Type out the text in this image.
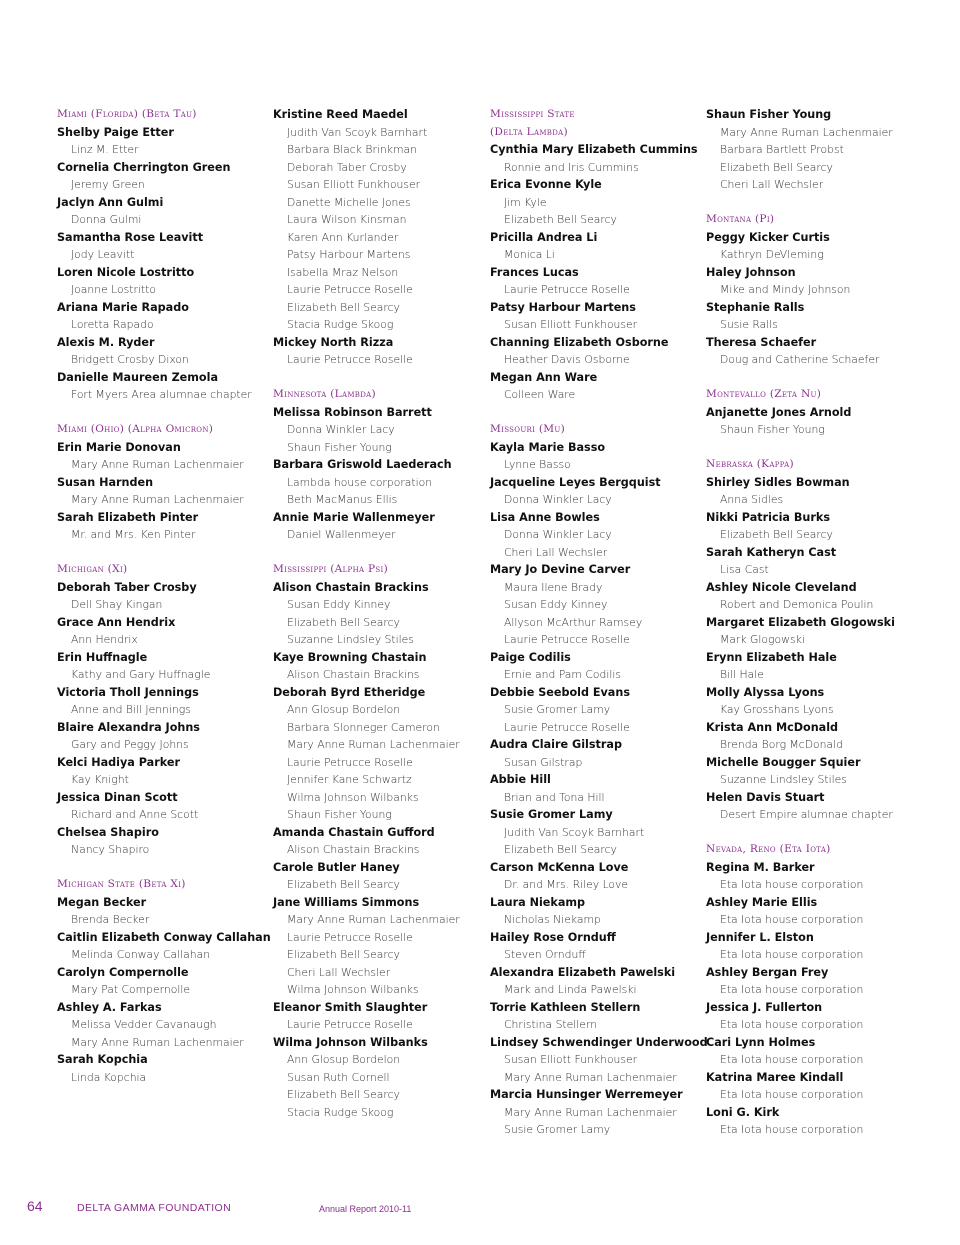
Miami (Florida) (Beta Tau)
Shelby Paige Etter
Linz M. Etter
Cornelia Cherrington Green
Jeremy Green
Jaclyn Ann Gulmi
Donna Gulmi
Samantha Rose Leavitt
Jody Leavitt
Loren Nicole Lostritto
Joanne Lostritto
Ariana Marie Rapado
Loretta Rapado
Alexis M. Ryder
Bridgett Crosby Dixon
Danielle Maureen Zemola
Fort Myers Area alumnae chapter
Miami (Ohio) (Alpha Omicron)
Erin Marie Donovan
Mary Anne Ruman Lachenmaier
Susan Harnden
Mary Anne Ruman Lachenmaier
Sarah Elizabeth Pinter
Mr. and Mrs. Ken Pinter
Michigan (Xi)
Deborah Taber Crosby
Dell Shay Kingan
Grace Ann Hendrix
Ann Hendrix
Erin Huffnagle
Kathy and Gary Huffnagle
Victoria Tholl Jennings
Anne and Bill Jennings
Blaire Alexandra Johns
Gary and Peggy Johns
Kelci Hadiya Parker
Kay Knight
Jessica Dinan Scott
Richard and Anne Scott
Chelsea Shapiro
Nancy Shapiro
Michigan State (Beta Xi)
Megan Becker
Brenda Becker
Caitlin Elizabeth Conway Callahan
Melinda Conway Callahan
Carolyn Compernolle
Mary Pat Compernolle
Ashley A. Farkas
Melissa Vedder Cavanaugh
Mary Anne Ruman Lachenmaier
Sarah Kopchia
Linda Kopchia
Kristine Reed Maedel
Judith Van Scoyk Barnhart
Barbara Black Brinkman
Deborah Taber Crosby
Susan Elliott Funkhouser
Danette Michelle Jones
Laura Wilson Kinsman
Karen Ann Kurlander
Patsy Harbour Martens
Isabella Mraz Nelson
Laurie Petrucce Roselle
Elizabeth Bell Searcy
Stacia Rudge Skoog
Mickey North Rizza
Laurie Petrucce Roselle
Minnesota (Lambda)
Melissa Robinson Barrett
Donna Winkler Lacy
Shaun Fisher Young
Barbara Griswold Laederach
Lambda house corporation
Beth MacManus Ellis
Annie Marie Wallenmeyer
Daniel Wallenmeyer
Mississippi (Alpha Psi)
Alison Chastain Brackins
Susan Eddy Kinney
Elizabeth Bell Searcy
Suzanne Lindsley Stiles
Kaye Browning Chastain
Alison Chastain Brackins
Deborah Byrd Etheridge
Ann Glosup Bordelon
Barbara Slonneger Cameron
Mary Anne Ruman Lachenmaier
Laurie Petrucce Roselle
Jennifer Kane Schwartz
Wilma Johnson Wilbanks
Shaun Fisher Young
Amanda Chastain Gufford
Alison Chastain Brackins
Carole Butler Haney
Elizabeth Bell Searcy
Jane Williams Simmons
Mary Anne Ruman Lachenmaier
Laurie Petrucce Roselle
Elizabeth Bell Searcy
Cheri Lall Wechsler
Wilma Johnson Wilbanks
Eleanor Smith Slaughter
Laurie Petrucce Roselle
Wilma Johnson Wilbanks
Ann Glosup Bordelon
Susan Ruth Cornell
Elizabeth Bell Searcy
Stacia Rudge Skoog
Mississippi State
(Delta Lambda)
Cynthia Mary Elizabeth Cummins
Ronnie and Iris Cummins
Erica Evonne Kyle
Jim Kyle
Elizabeth Bell Searcy
Pricilla Andrea Li
Monica Li
Frances Lucas
Laurie Petrucce Roselle
Patsy Harbour Martens
Susan Elliott Funkhouser
Channing Elizabeth Osborne
Heather Davis Osborne
Megan Ann Ware
Colleen Ware
Missouri (Mu)
Kayla Marie Basso
Lynne Basso
Jacqueline Leyes Bergquist
Donna Winkler Lacy
Lisa Anne Bowles
Donna Winkler Lacy
Cheri Lall Wechsler
Mary Jo Devine Carver
Maura Ilene Brady
Susan Eddy Kinney
Allyson McArthur Ramsey
Laurie Petrucce Roselle
Paige Codilis
Ernie and Pam Codilis
Debbie Seebold Evans
Susie Gromer Lamy
Laurie Petrucce Roselle
Audra Claire Gilstrap
Susan Gilstrap
Abbie Hill
Brian and Tona Hill
Susie Gromer Lamy
Judith Van Scoyk Barnhart
Elizabeth Bell Searcy
Carson McKenna Love
Dr. and Mrs. Riley Love
Laura Niekamp
Nicholas Niekamp
Hailey Rose Ornduff
Steven Ornduff
Alexandra Elizabeth Pawelski
Mark and Linda Pawelski
Torrie Kathleen Stellern
Christina Stellern
Lindsey Schwendinger Underwood
Susan Elliott Funkhouser
Mary Anne Ruman Lachenmaier
Marcia Hunsinger Werremeyer
Mary Anne Ruman Lachenmaier
Susie Gromer Lamy
Shaun Fisher Young
Mary Anne Ruman Lachenmaier
Barbara Bartlett Probst
Elizabeth Bell Searcy
Cheri Lall Wechsler
Montana (Pi)
Peggy Kicker Curtis
Kathryn DeVleming
Haley Johnson
Mike and Mindy Johnson
Stephanie Ralls
Susie Ralls
Theresa Schaefer
Doug and Catherine Schaefer
Montevallo (Zeta Nu)
Anjanette Jones Arnold
Shaun Fisher Young
Nebraska (Kappa)
Shirley Sidles Bowman
Anna Sidles
Nikki Patricia Burks
Elizabeth Bell Searcy
Sarah Katheryn Cast
Lisa Cast
Ashley Nicole Cleveland
Robert and Demonica Poulin
Margaret Elizabeth Glogowski
Mark Glogowski
Erynn Elizabeth Hale
Bill Hale
Molly Alyssa Lyons
Kay Grosshans Lyons
Krista Ann McDonald
Brenda Borg McDonald
Michelle Bougger Squier
Suzanne Lindsley Stiles
Helen Davis Stuart
Desert Empire alumnae chapter
Nevada, Reno (Eta Iota)
Regina M. Barker
Eta Iota house corporation
Ashley Marie Ellis
Eta Iota house corporation
Jennifer L. Elston
Eta Iota house corporation
Ashley Bergan Frey
Eta Iota house corporation
Jessica J. Fullerton
Eta Iota house corporation
Cari Lynn Holmes
Eta Iota house corporation
Katrina Maree Kindall
Eta Iota house corporation
Loni G. Kirk
Eta Iota house corporation
64	DELTA GAMMA FOUNDATION	Annual Report 2010-11
